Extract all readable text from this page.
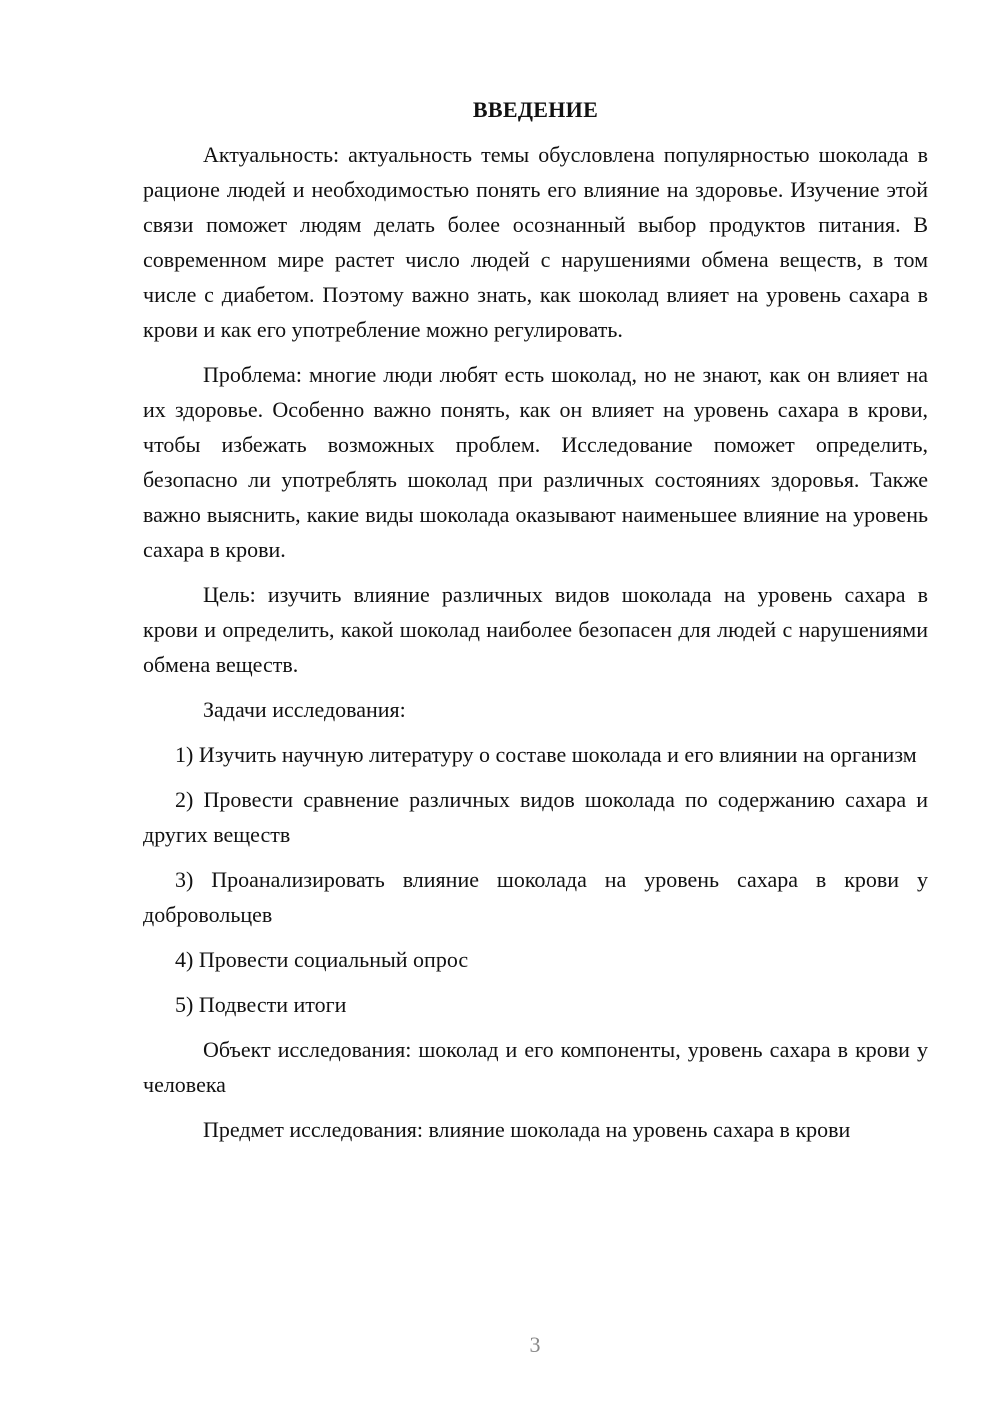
ВВЕДЕНИЕ

Актуальность: актуальность темы обусловлена популярностью шоколада в рационе людей и необходимостью понять его влияние на здоровье. Изучение этой связи поможет людям делать более осознанный выбор продуктов питания. В современном мире растет число людей с нарушениями обмена веществ, в том числе с диабетом. Поэтому важно знать, как шоколад влияет на уровень сахара в крови и как его употребление можно регулировать.

Проблема: многие люди любят есть шоколад, но не знают, как он влияет на их здоровье. Особенно важно понять, как он влияет на уровень сахара в крови, чтобы избежать возможных проблем. Исследование поможет определить, безопасно ли употреблять шоколад при различных состояниях здоровья. Также важно выяснить, какие виды шоколада оказывают наименьшее влияние на уровень сахара в крови.

Цель: изучить влияние различных видов шоколада на уровень сахара в крови и определить, какой шоколад наиболее безопасен для людей с нарушениями обмена веществ.

Задачи исследования:

1) Изучить научную литературу о составе шоколада и его влиянии на организм

2) Провести сравнение различных видов шоколада по содержанию сахара и других веществ

3) Проанализировать влияние шоколада на уровень сахара в крови у добровольцев

4) Провести социальный опрос

5) Подвести итоги

Объект исследования: шоколад и его компоненты, уровень сахара в крови у человека

Предмет исследования: влияние шоколада на уровень сахара в крови

3
